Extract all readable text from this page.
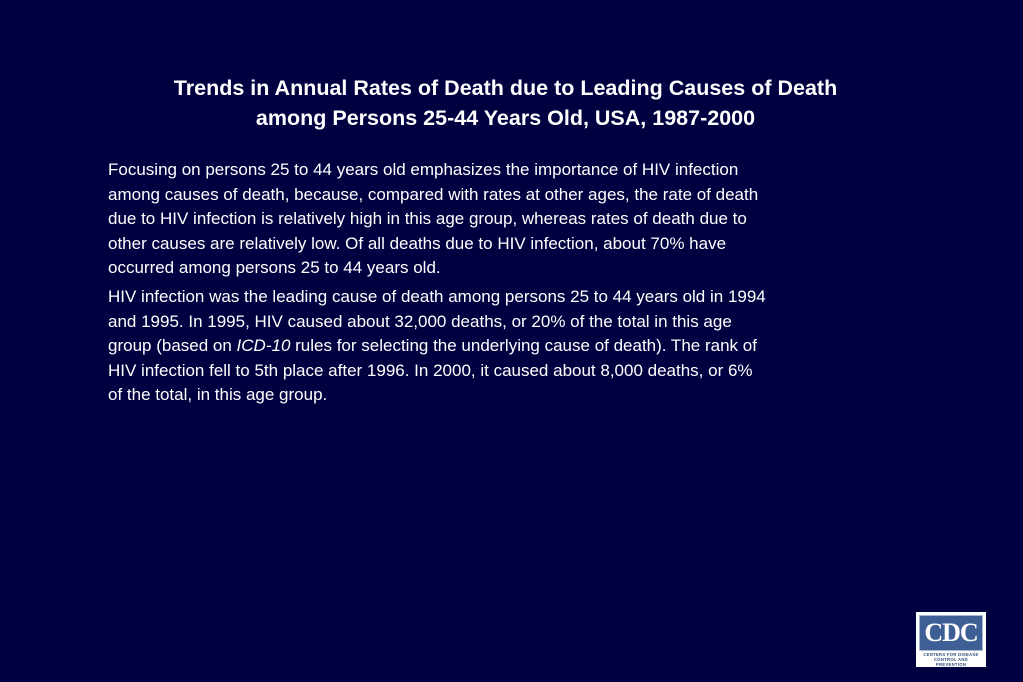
Trends in Annual Rates of Death due to Leading Causes of Death
among Persons 25-44 Years Old, USA, 1987-2000

Focusing on persons 25 to 44 years old emphasizes the importance of HIV infection
among causes of death, because, compared with rates at other ages, the rate of death
due to HIV infection is relatively high in this age group, whereas rates of death due to
other causes are relatively low. Of all deaths due to HIV infection, about 70% have
occurred among persons 25 to 44 years old.

HIV infection was the leading cause of death among persons 25 to 44 years old in 1994
and 1995. In 1995, HIV caused about 32,000 deaths, or 20% of the total in this age
group (based on ICD-10 rules for selecting the underlying cause of death). The rank of
HIV infection fell to 5th place after 1996. In 2000, it caused about 8,000 deaths, or 6%
of the total, in this age group.

CDC
CENTERS FOR DISEASE
CONTROL AND PREVENTION
